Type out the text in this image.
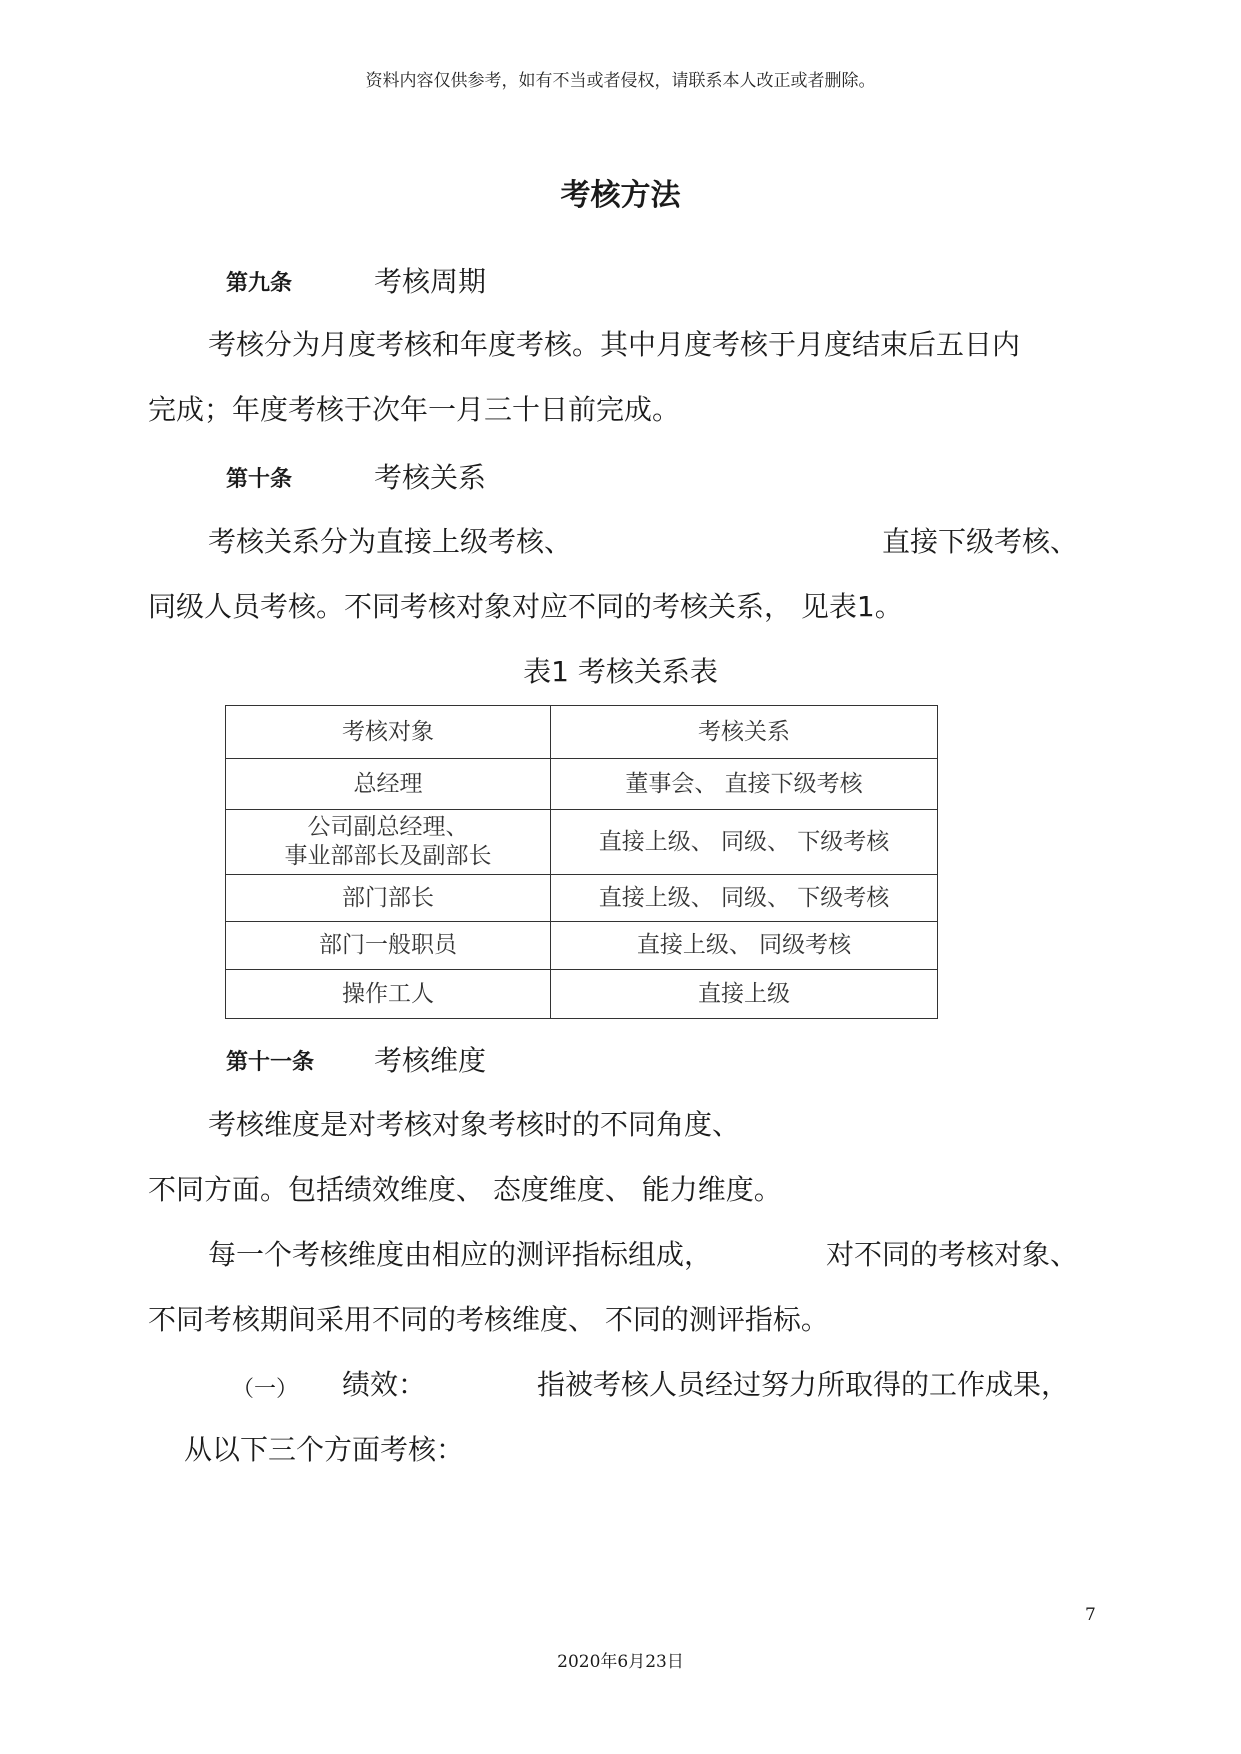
资料内容仅供参考，如有不当或者侵权，请联系本人改正或者删除。
考核方法
第九条	考核周期
考核分为月度考核和年度考核。其中月度考核于月度结束后五日内
完成；年度考核于次年一月三十日前完成。
第十条	考核关系
考核关系分为直接上级考核、	直接下级考核、
同级人员考核。不同考核对象对应不同的考核关系， 见表1。
表1 考核关系表
考核对象	考核关系
总经理	董事会、 直接下级考核

公司副总经理、
事业部部长及副部长	直接上级、 同级、 下级考核
部门部长	直接上级、 同级、 下级考核
部门一般职员	直接上级、 同级考核
操作工人	直接上级
第十一条 考核维度
考核维度是对考核对象考核时的不同角度、
不同方面。包括绩效维度、 态度维度、 能力维度。
每一个考核维度由相应的测评指标组成，	对不同的考核对象、
不同考核期间采用不同的考核维度、 不同的测评指标。
（一） 绩效：	指被考核人员经过努力所取得的工作成果，
从以下三个方面考核：
7
2020年6月23日
